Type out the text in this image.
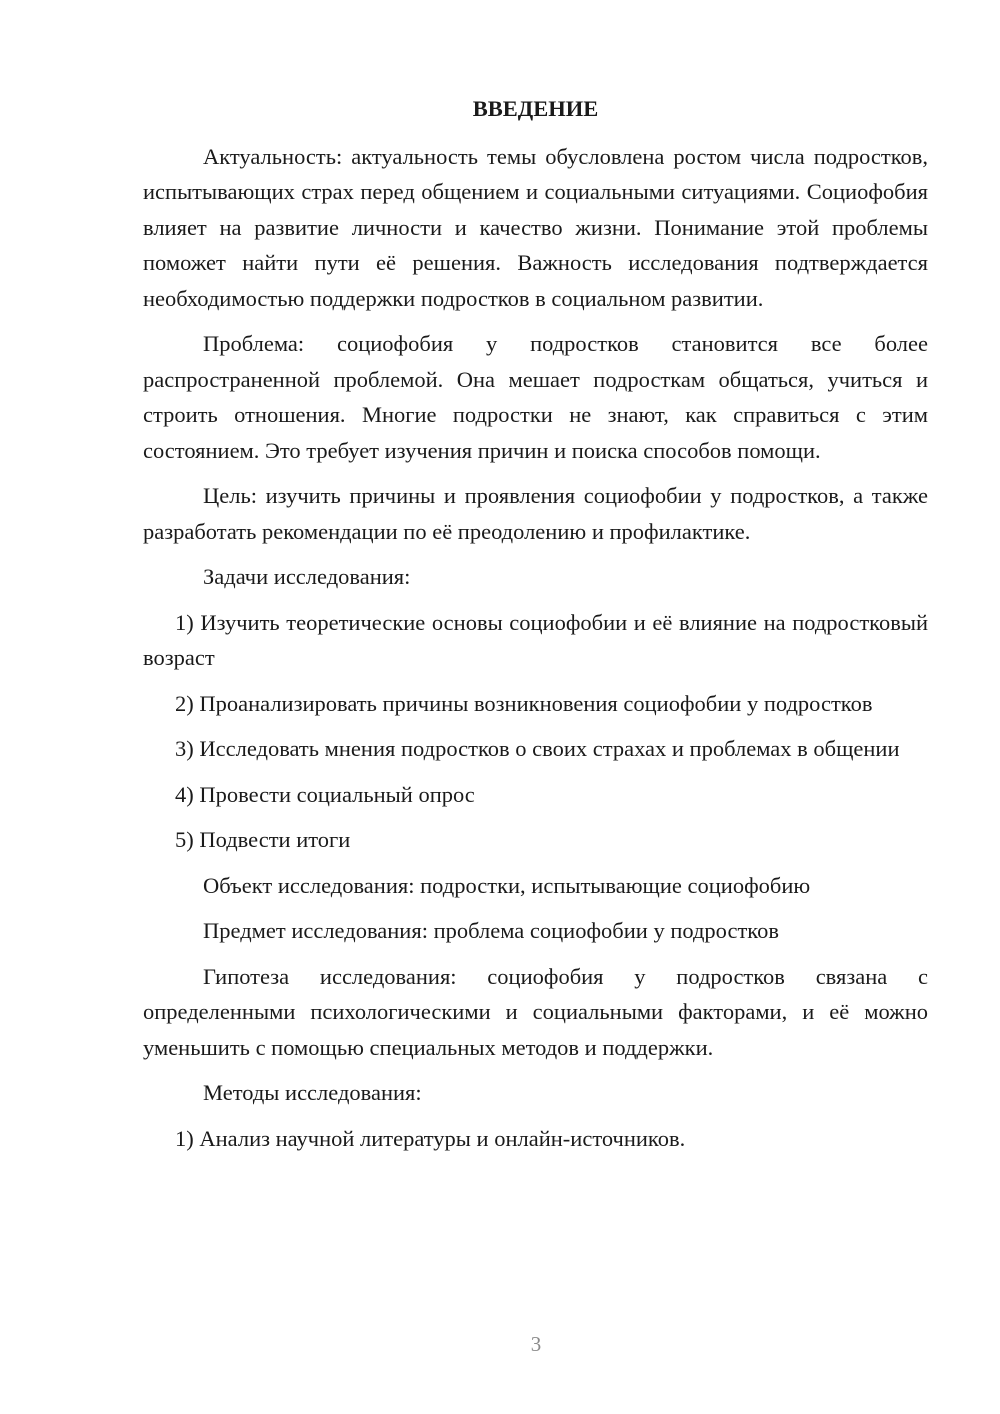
ВВЕДЕНИЕ

Актуальность: актуальность темы обусловлена ростом числа подростков, испытывающих страх перед общением и социальными ситуациями. Социофобия влияет на развитие личности и качество жизни. Понимание этой проблемы поможет найти пути её решения. Важность исследования подтверждается необходимостью поддержки подростков в социальном развитии.

Проблема: социофобия у подростков становится все более распространенной проблемой. Она мешает подросткам общаться, учиться и строить отношения. Многие подростки не знают, как справиться с этим состоянием. Это требует изучения причин и поиска способов помощи.

Цель: изучить причины и проявления социофобии у подростков, а также разработать рекомендации по её преодолению и профилактике.

Задачи исследования:

1) Изучить теоретические основы социофобии и её влияние на подростковый возраст

2) Проанализировать причины возникновения социофобии у подростков

3) Исследовать мнения подростков о своих страхах и проблемах в общении

4) Провести социальный опрос

5) Подвести итоги

Объект исследования: подростки, испытывающие социофобию

Предмет исследования: проблема социофобии у подростков

Гипотеза исследования: социофобия у подростков связана с определенными психологическими и социальными факторами, и её можно уменьшить с помощью специальных методов и поддержки.

Методы исследования:

1) Анализ научной литературы и онлайн-источников.

3
